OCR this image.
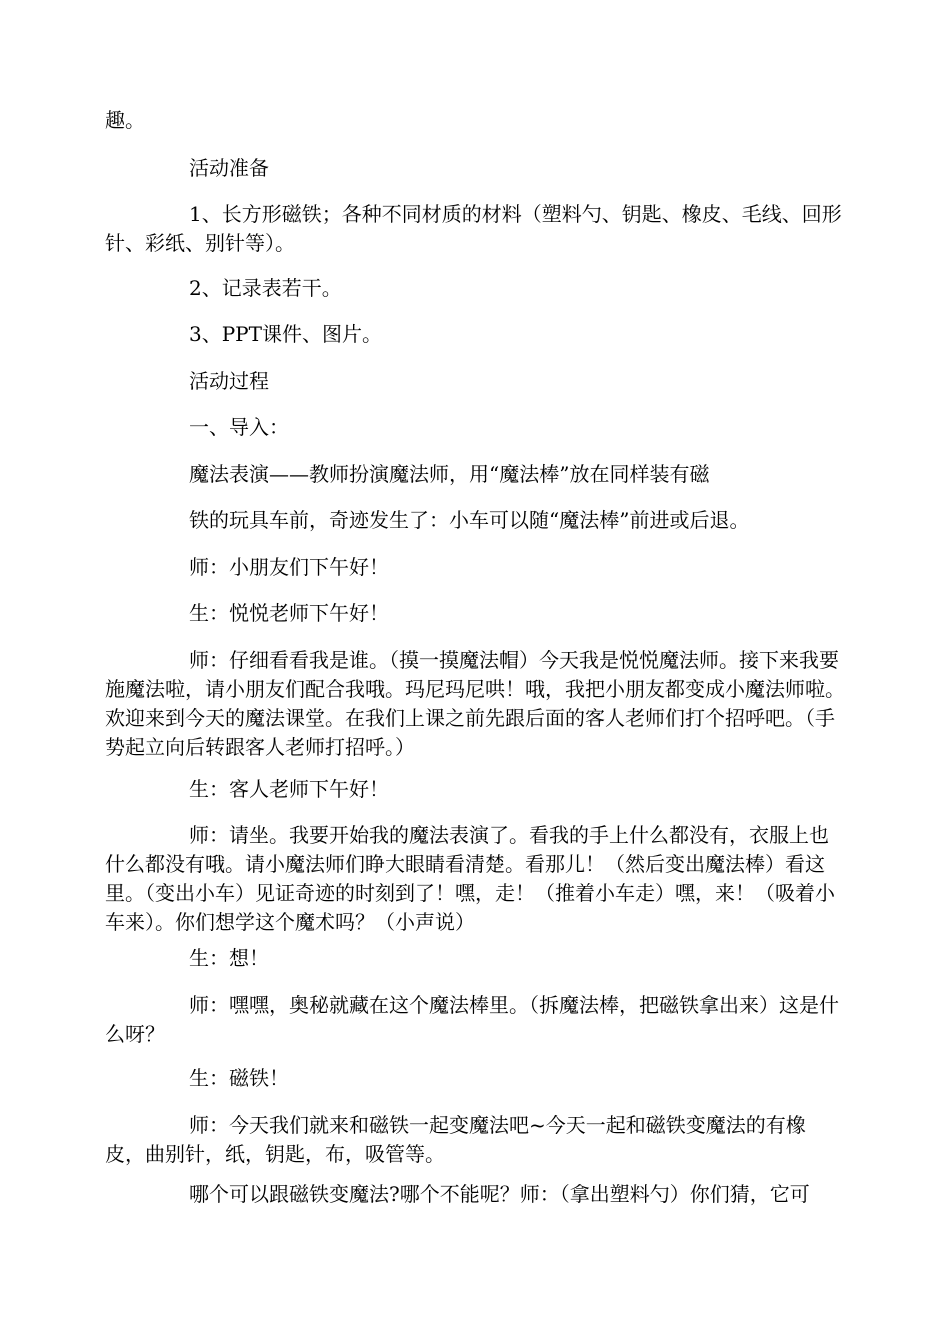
趣。

活动准备

1、长方形磁铁；各种不同材质的材料（塑料勺、钥匙、橡皮、毛线、回形针、彩纸、别针等）。

2、记录表若干。

3、PPT课件、图片。

活动过程

一、导入：

魔法表演——教师扮演魔法师，用“魔法棒”放在同样装有磁

铁的玩具车前，奇迹发生了：小车可以随“魔法棒”前进或后退。

师：小朋友们下午好！

生：悦悦老师下午好！

师：仔细看看我是谁。（摸一摸魔法帽）今天我是悦悦魔法师。接下来我要施魔法啦，请小朋友们配合我哦。玛尼玛尼哄！哦，我把小朋友都变成小魔法师啦。欢迎来到今天的魔法课堂。在我们上课之前先跟后面的客人老师们打个招呼吧。（手势起立向后转跟客人老师打招呼。）

生：客人老师下午好！

师：请坐。我要开始我的魔法表演了。看我的手上什么都没有，衣服上也什么都没有哦。请小魔法师们睁大眼睛看清楚。看那儿！（然后变出魔法棒）看这里。（变出小车）见证奇迹的时刻到了！嘿，走！（推着小车走）嘿，来！（吸着小车来）。你们想学这个魔术吗？（小声说）

生：想！

师：嘿嘿，奥秘就藏在这个魔法棒里。（拆魔法棒，把磁铁拿出来）这是什么呀？

生：磁铁！

师：今天我们就来和磁铁一起变魔法吧~今天一起和磁铁变魔法的有橡皮，曲别针，纸，钥匙，布，吸管等。

哪个可以跟磁铁变魔法?哪个不能呢？师：（拿出塑料勺）你们猜，它可
